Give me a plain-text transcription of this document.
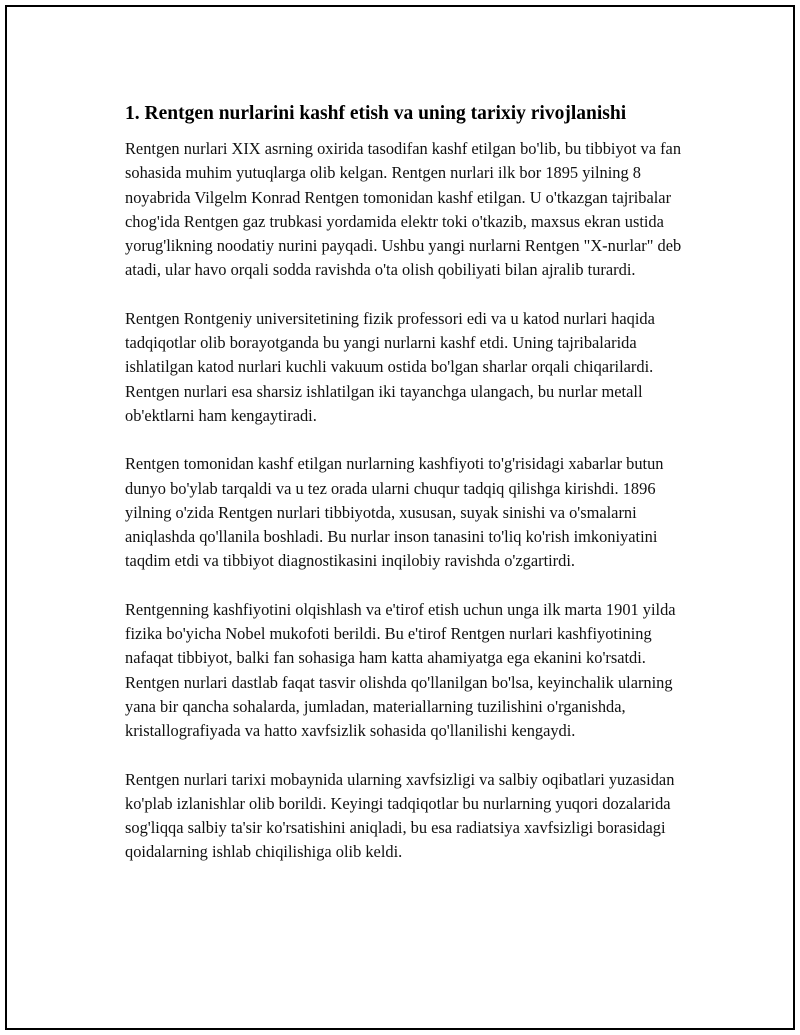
1. Rentgen nurlarini kashf etish va uning tarixiy rivojlanishi

Rentgen nurlari XIX asrning oxirida tasodifan kashf etilgan bo'lib, bu tibbiyot va fan sohasida muhim yutuqlarga olib kelgan. Rentgen nurlari ilk bor 1895 yilning 8 noyabrida Vilgelm Konrad Rentgen tomonidan kashf etilgan. U o'tkazgan tajribalar chog'ida Rentgen gaz trubkasi yordamida elektr toki o'tkazib, maxsus ekran ustida yorug'likning noodatiy nurini payqadi. Ushbu yangi nurlarni Rentgen "X-nurlar" deb atadi, ular havo orqali sodda ravishda o'ta olish qobiliyati bilan ajralib turardi.

Rentgen Rontgeniy universitetining fizik professori edi va u katod nurlari haqida tadqiqotlar olib borayotganda bu yangi nurlarni kashf etdi. Uning tajribalarida ishlatilgan katod nurlari kuchli vakuum ostida bo'lgan sharlar orqali chiqarilardi. Rentgen nurlari esa sharsiz ishlatilgan iki tayanchga ulangach, bu nurlar metall ob'ektlarni ham kengaytiradi.

Rentgen tomonidan kashf etilgan nurlarning kashfiyoti to'g'risidagi xabarlar butun dunyo bo'ylab tarqaldi va u tez orada ularni chuqur tadqiq qilishga kirishdi. 1896 yilning o'zida Rentgen nurlari tibbiyotda, xususan, suyak sinishi va o'smalarni aniqlashda qo'llanila boshladi. Bu nurlar inson tanasini to'liq ko'rish imkoniyatini taqdim etdi va tibbiyot diagnostikasini inqilobiy ravishda o'zgartirdi.

Rentgenning kashfiyotini olqishlash va e'tirof etish uchun unga ilk marta 1901 yilda fizika bo'yicha Nobel mukofoti berildi. Bu e'tirof Rentgen nurlari kashfiyotining nafaqat tibbiyot, balki fan sohasiga ham katta ahamiyatga ega ekanini ko'rsatdi. Rentgen nurlari dastlab faqat tasvir olishda qo'llanilgan bo'lsa, keyinchalik ularning yana bir qancha sohalarda, jumladan, materiallarning tuzilishini o'rganishda, kristallografiyada va hatto xavfsizlik sohasida qo'llanilishi kengaydi.

Rentgen nurlari tarixi mobaynida ularning xavfsizligi va salbiy oqibatlari yuzasidan ko'plab izlanishlar olib borildi. Keyingi tadqiqotlar bu nurlarning yuqori dozalarida sog'liqqa salbiy ta'sir ko'rsatishini aniqladi, bu esa radiatsiya xavfsizligi borasidagi qoidalarning ishlab chiqilishiga olib keldi.
